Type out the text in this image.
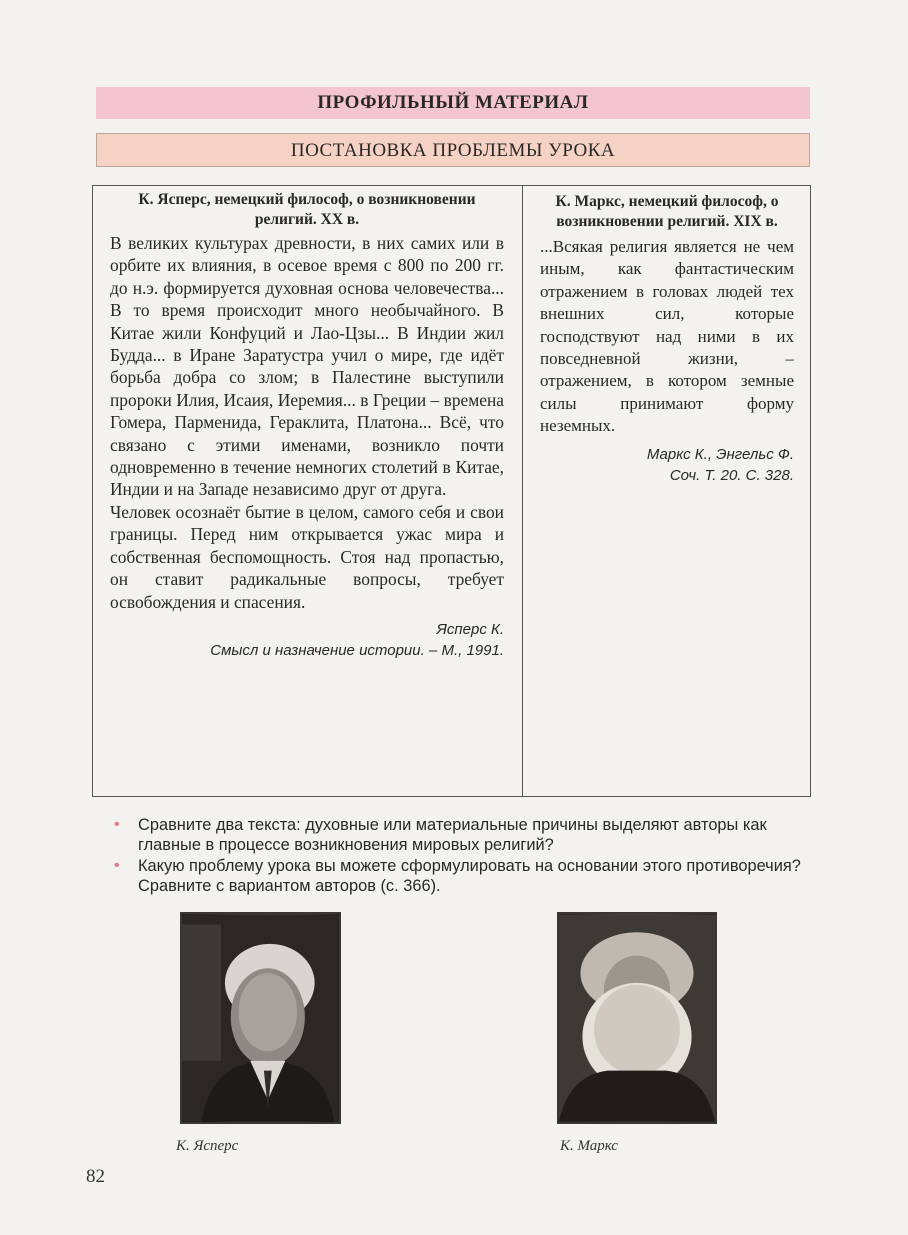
ПРОФИЛЬНЫЙ МАТЕРИАЛ
ПОСТАНОВКА ПРОБЛЕМЫ УРОКА
К. Ясперс, немецкий философ, о возникновении религий. XX в.

В великих культурах древности, в них самих или в орбите их влияния, в осевое время с 800 по 200 гг. до н.э. формируется духовная основа человечества... В то время происходит много необычайного. В Китае жили Конфуций и Лао-Цзы... В Индии жил Будда... в Иране Заратустра учил о мире, где идёт борьба добра со злом; в Палестине выступили пророки Илия, Исаия, Иеремия... в Греции – времена Гомера, Парменида, Гераклита, Платона... Всё, что связано с этими именами, возникло почти одновременно в течение немногих столетий в Китае, Индии и на Западе независимо друг от друга.

Человек осознаёт бытие в целом, самого себя и свои границы. Перед ним открывается ужас мира и собственная беспомощность. Стоя над пропастью, он ставит радикальные вопросы, требует освобождения и спасения.

Ясперс К.
Смысл и назначение истории. – М., 1991.
К. Маркс, немецкий философ, о возникновении религий. XIX в.

...Всякая религия является не чем иным, как фантастическим отражением в головах людей тех внешних сил, которые господствуют над ними в их повседневной жизни, – отражением, в котором земные силы принимают форму неземных.

Маркс К., Энгельс Ф.
Соч. Т. 20. С. 328.
• Сравните два текста: духовные или материальные причины выделяют авторы как главные в процессе возникновения мировых религий?
• Какую проблему урока вы можете сформулировать на основании этого противоречия? Сравните с вариантом авторов (с. 366).
К. Ясперс	К. Маркс
82
